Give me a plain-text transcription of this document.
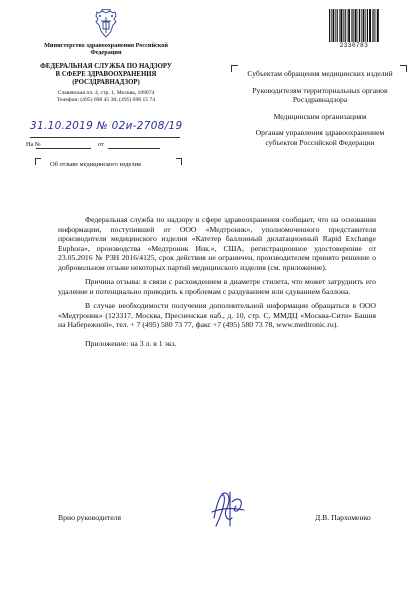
Министерство здравоохранения Российской Федерации
ФЕДЕРАЛЬНАЯ СЛУЖБА ПО НАДЗОРУ В СФЕРЕ ЗДРАВООХРАНЕНИЯ (РОСЗДРАВНАДЗОР)
Славянская пл. 4, стр. 1, Москва, 109074
Телефон: (495) 698 45 38; (495) 698 15 74
2330783
31.10.2019 № 02и-2708/19
На №	от
Об отзыве медицинского изделия
Субъектам обращения медицинских изделий
Руководителям территориальных органов Росздравнадзора
Медицинским организациям
Органам управления здравоохранением субъектов Российской Федерации

Федеральная служба по надзору в сфере здравоохранения сообщает, что на основании информации, поступившей от ООО «Медтроник», уполномоченного представителя производителя медицинского изделия «Катетер баллонный дилатационный Rapid Exchange Euphora», производства «Медтроник Инк.», США, регистрационное удостоверение от 23.05.2016 № РЗН 2016/4125, срок действия не ограничен, производителем принято решение о добровольном отзыве некоторых партий медицинского изделия (см. приложение).

Причина отзыва: в связи с расхождением в диаметре стилета, что может затруднить его удаление и потенциально приводить к проблемам с раздуванием или сдуванием баллона.

В случае необходимости получения дополнительной информации обращаться в ООО «Медтроник» (123317, Москва, Пресненская наб., д. 10, стр. С, ММДЦ «Москва-Сити» Башня на Набережной», тел. + 7 (495) 580 73 77, факс +7 (495) 580 73 78, www.medtronic.ru).

Приложение: на 3 л. в 1 экз.

Врио руководителя	Д.В. Пархоменко
